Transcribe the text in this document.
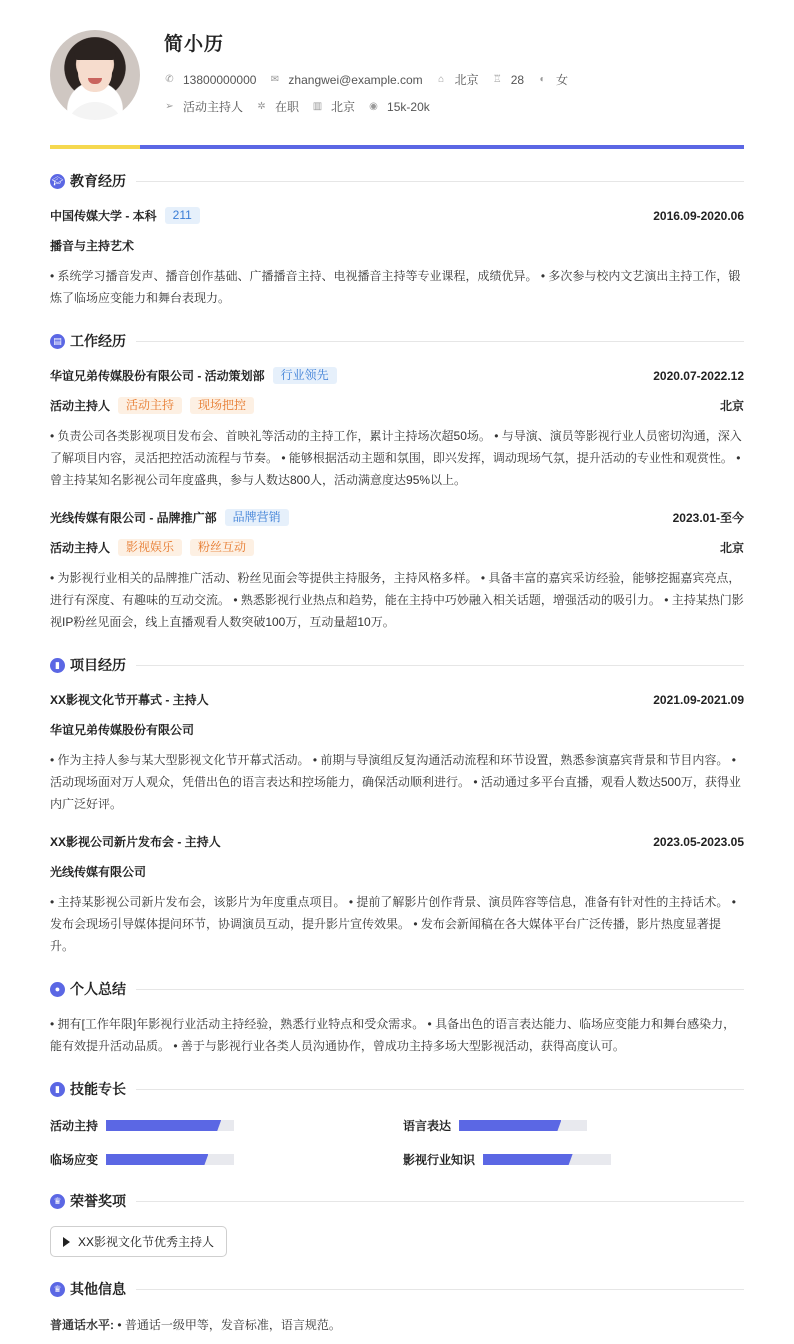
简小历
✆ 13800000000 ✉ zhangwei@example.com ⌂ 北京 ♖ 28 ◐ 女
➢ 活动主持人 ✲ 在职 ▥ 北京 ◉ 15k-20k
🎓︎ 教育经历
中国传媒大学 - 本科	211	2016.09-2020.06
播音与主持艺术
• 系统学习播音发声、播音创作基础、广播播音主持、电视播音主持等专业课程，成绩优异。 • 多次参与校内文艺演出主持工作，锻炼了临场应变能力和舞台表现力。
▤ 工作经历
华谊兄弟传媒股份有限公司 - 活动策划部	行业领先	2020.07-2022.12
活动主持人	活动主持	现场把控	北京
• 负责公司各类影视项目发布会、首映礼等活动的主持工作，累计主持场次超50场。 • 与导演、演员等影视行业人员密切沟通，深入了解项目内容，灵活把控活动流程与节奏。 • 能够根据活动主题和氛围，即兴发挥，调动现场气氛，提升活动的专业性和观赏性。 • 曾主持某知名影视公司年度盛典，参与人数达800人，活动满意度达95%以上。
光线传媒有限公司 - 品牌推广部	品牌营销	2023.01-至今
活动主持人	影视娱乐	粉丝互动	北京
• 为影视行业相关的品牌推广活动、粉丝见面会等提供主持服务，主持风格多样。 • 具备丰富的嘉宾采访经验，能够挖掘嘉宾亮点，进行有深度、有趣味的互动交流。 • 熟悉影视行业热点和趋势，能在主持中巧妙融入相关话题，增强活动的吸引力。 • 主持某热门影视IP粉丝见面会，线上直播观看人数突破100万，互动量超10万。
▮ 项目经历
XX影视文化节开幕式 - 主持人	2021.09-2021.09
华谊兄弟传媒股份有限公司
• 作为主持人参与某大型影视文化节开幕式活动。 • 前期与导演组反复沟通活动流程和环节设置，熟悉参演嘉宾背景和节目内容。 • 活动现场面对万人观众，凭借出色的语言表达和控场能力，确保活动顺利进行。 • 活动通过多平台直播，观看人数达500万，获得业内广泛好评。
XX影视公司新片发布会 - 主持人	2023.05-2023.05
光线传媒有限公司
• 主持某影视公司新片发布会，该影片为年度重点项目。 • 提前了解影片创作背景、演员阵容等信息，准备有针对性的主持话术。 • 发布会现场引导媒体提问环节，协调演员互动，提升影片宣传效果。 • 发布会新闻稿在各大媒体平台广泛传播，影片热度显著提升。
● 个人总结
• 拥有[工作年限]年影视行业活动主持经验，熟悉行业特点和受众需求。 • 具备出色的语言表达能力、临场应变能力和舞台感染力，能有效提升活动品质。 • 善于与影视行业各类人员沟通协作，曾成功主持多场大型影视活动，获得高度认可。
▮ 技能专长
活动主持	语言表达
临场应变	影视行业知识
♛ 荣誉奖项
XX影视文化节优秀主持人
♛ 其他信息
普通话水平: • 普通话一级甲等，发音标准，语言规范。
